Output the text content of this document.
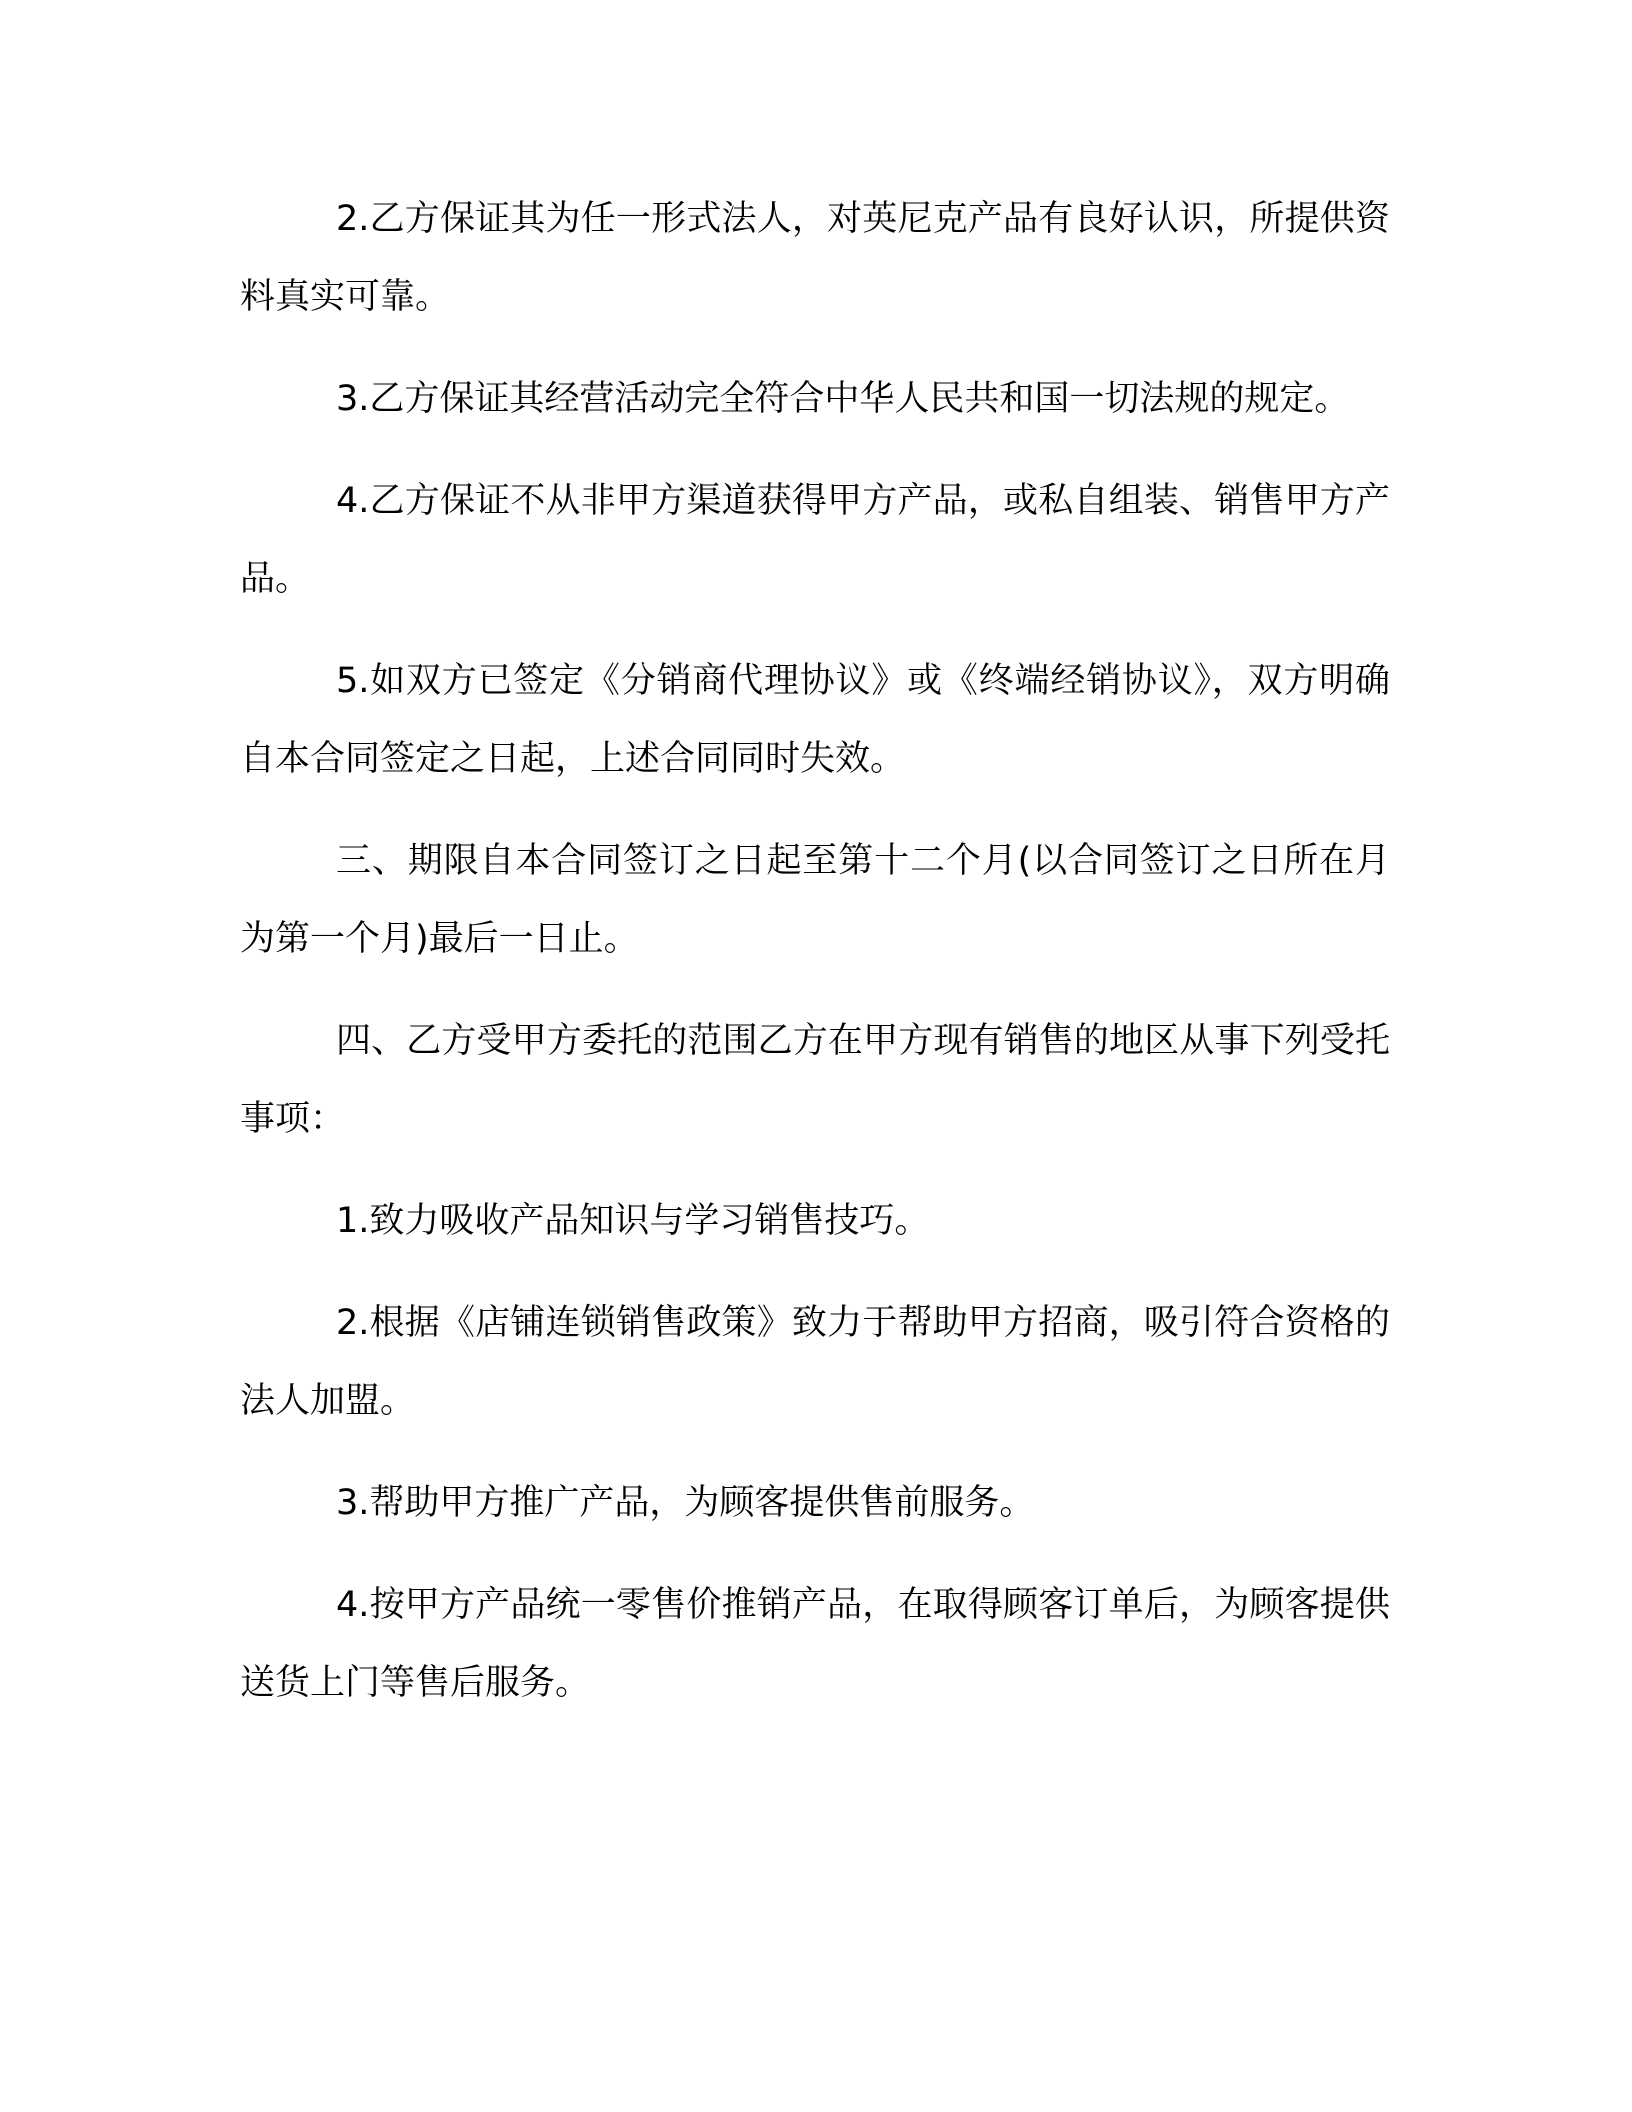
2.乙方保证其为任一形式法人，对英尼克产品有良好认识，所提供资料真实可靠。

3.乙方保证其经营活动完全符合中华人民共和国一切法规的规定。

4.乙方保证不从非甲方渠道获得甲方产品，或私自组装、销售甲方产品。

5.如双方已签定《分销商代理协议》或《终端经销协议》，双方明确自本合同签定之日起，上述合同同时失效。

三、期限自本合同签订之日起至第十二个月(以合同签订之日所在月为第一个月)最后一日止。

四、乙方受甲方委托的范围乙方在甲方现有销售的地区从事下列受托事项：

1.致力吸收产品知识与学习销售技巧。

2.根据《店铺连锁销售政策》致力于帮助甲方招商，吸引符合资格的法人加盟。

3.帮助甲方推广产品，为顾客提供售前服务。

4.按甲方产品统一零售价推销产品，在取得顾客订单后，为顾客提供送货上门等售后服务。
